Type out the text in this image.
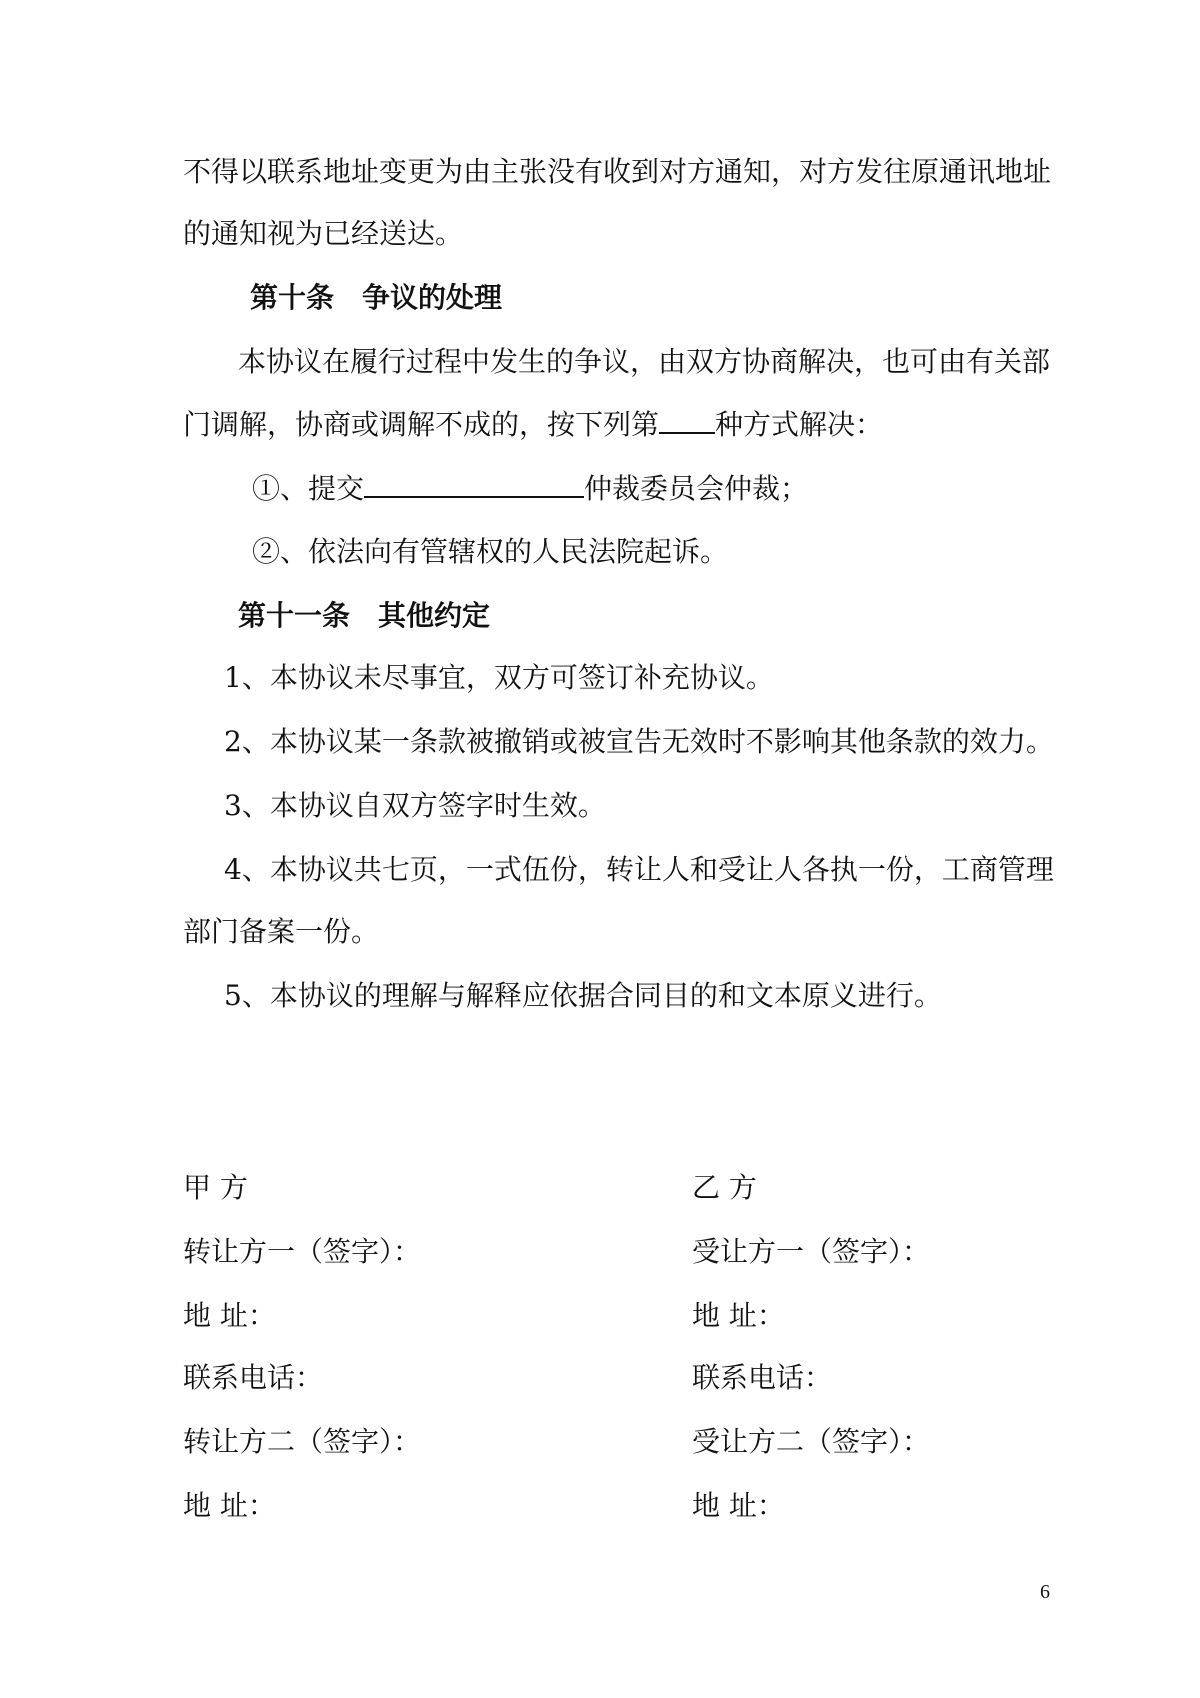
不得以联系地址变更为由主张没有收到对方通知，对方发往原通讯地址
的通知视为已经送达。
第十条　争议的处理
本协议在履行过程中发生的争议，由双方协商解决，也可由有关部
门调解，协商或调解不成的，按下列第 种方式解决：
①、提交	仲裁委员会仲裁；
②、依法向有管辖权的人民法院起诉。
第十一条　其他约定
1、本协议未尽事宜，双方可签订补充协议。
2、本协议某一条款被撤销或被宣告无效时不影响其他条款的效力。
3、本协议自双方签字时生效。
4、本协议共七页，一式伍份，转让人和受让人各执一份，工商管理
部门备案一份。
5、本协议的理解与解释应依据合同目的和文本原义进行。
甲 方
转让方一（签字）：
地 址：
联系电话：
转让方二（签字）：
地 址：
乙 方
受让方一（签字）：
地 址：
联系电话：
受让方二（签字）：
地 址：
6
